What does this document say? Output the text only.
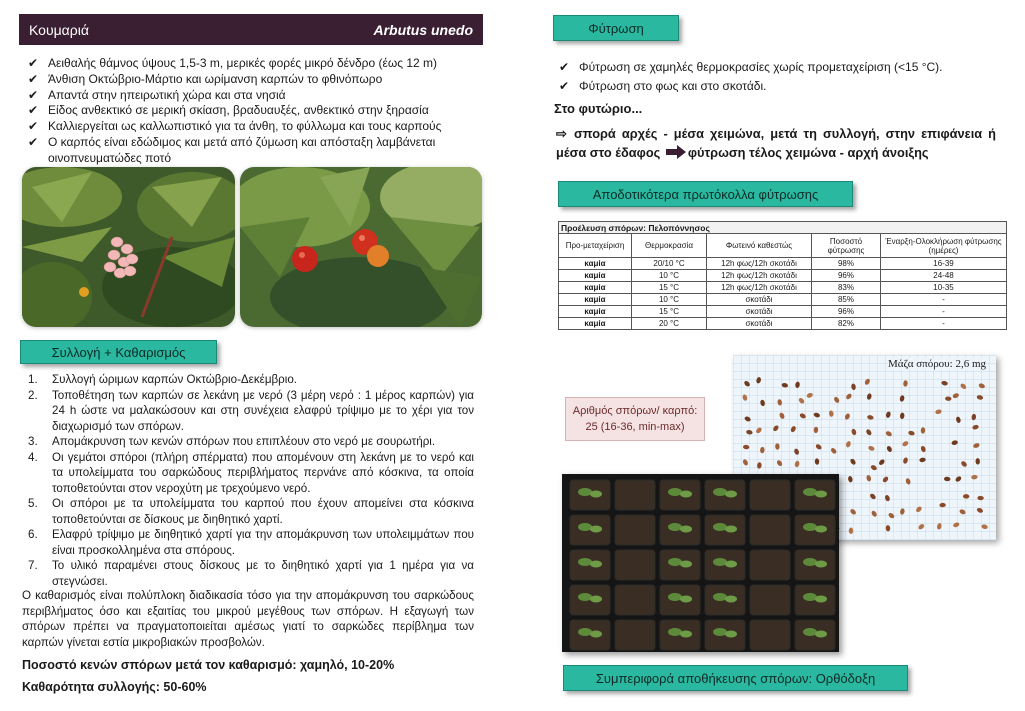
Κουμαριά	Arbutus unedo
✔ Αειθαλής θάμνος ύψους 1,5-3 m, μερικές φορές μικρό δένδρο (έως 12 m)
✔ Άνθιση Οκτώβριο-Μάρτιο και ωρίμανση καρπών το φθινόπωρο
✔ Απαντά στην ηπειρωτική χώρα και στα νησιά
✔ Είδος ανθεκτικό σε μερική σκίαση, βραδυαυξές, ανθεκτικό στην ξηρασία
✔ Καλλιεργείται ως καλλωπιστικό για τα άνθη, το φύλλωμα και τους καρπούς
✔ Ο καρπός είναι εδώδιμος και μετά από ζύμωση και απόσταξη λαμβάνεται οινοπνευματώδες ποτό
Συλλογή + Καθαρισμός
1. Συλλογή ώριμων καρπών Οκτώβριο-Δεκέμβριο.
2. Τοποθέτηση των καρπών σε λεκάνη με νερό (3 μέρη νερό : 1 μέρος καρπών) για 24 h ώστε να μαλακώσουν και στη συνέχεια ελαφρύ τρίψιμο με το χέρι για τον διαχωρισμό των σπόρων.
3. Απομάκρυνση των κενών σπόρων που επιπλέουν στο νερό με σουρωτήρι.
4. Οι γεμάτοι σπόροι (πλήρη σπέρματα) που απομένουν στη λεκάνη με το νερό και τα υπολείμματα του σαρκώδους περιβλήματος περνάνε από κόσκινα, τα οποία τοποθετούνται στον νεροχύτη με τρεχούμενο νερό.
5. Οι σπόροι με τα υπολείμματα του καρπού που έχουν απομείνει στα κόσκινα τοποθετούνται σε δίσκους με διηθητικό χαρτί.
6. Ελαφρύ τρίψιμο με διηθητικό χαρτί για την απομάκρυνση των υπολειμμάτων που είναι προσκολλημένα στα σπόρους.
7. Το υλικό παραμένει στους δίσκους με το διηθητικό χαρτί για 1 ημέρα για να στεγνώσει.
Ο καθαρισμός είναι πολύπλοκη διαδικασία τόσο για την απομάκρυνση του σαρκώδους περιβλήματος όσο και εξαιτίας του μικρού μεγέθους των σπόρων. Η εξαγωγή των σπόρων πρέπει να πραγματοποιείται αμέσως γιατί το σαρκώδες περίβλημα των καρπών γίνεται εστία μικροβιακών προσβολών.
Ποσοστό κενών σπόρων μετά τον καθαρισμό: χαμηλό, 10-20%
Καθαρότητα συλλογής: 50-60%
Φύτρωση
✔ Φύτρωση σε χαμηλές θερμοκρασίες χωρίς προμεταχείριση (<15 °C).
✔ Φύτρωση στο φως και στο σκοτάδι.
Στο φυτώριο...
⇨ σπορά αρχές - μέσα χειμώνα, μετά τη συλλογή, στην επιφάνεια ή μέσα στο έδαφος φύτρωση τέλος χειμώνα - αρχή άνοιξης
Αποδοτικότερα πρωτόκολλα φύτρωσης
Προέλευση σπόρων: Πελοπόννησος				
Προ-μεταχείριση	Θερμοκρασία	Φωτεινό καθεστώς	Ποσοστό φύτρωσης	Έναρξη-Ολοκλήρωση φύτρωσης (ημέρες)
καμία	20/10 °C	12h φως/12h σκοτάδι	98%	16-39
καμία	10 °C	12h φως/12h σκοτάδι	96%	24-48
καμία	15 °C	12h φως/12h σκοτάδι	83%	10-35
καμία	10 °C	σκοτάδι	85%	-
καμία	15 °C	σκοτάδι	96%	-
καμία	20 °C	σκοτάδι	82%	-
Μάζα σπόρου: 2,6 mg
Αριθμός σπόρων/ καρπό:
25 (16-36, min-max)
Συμπεριφορά αποθήκευσης σπόρων: Ορθόδοξη
